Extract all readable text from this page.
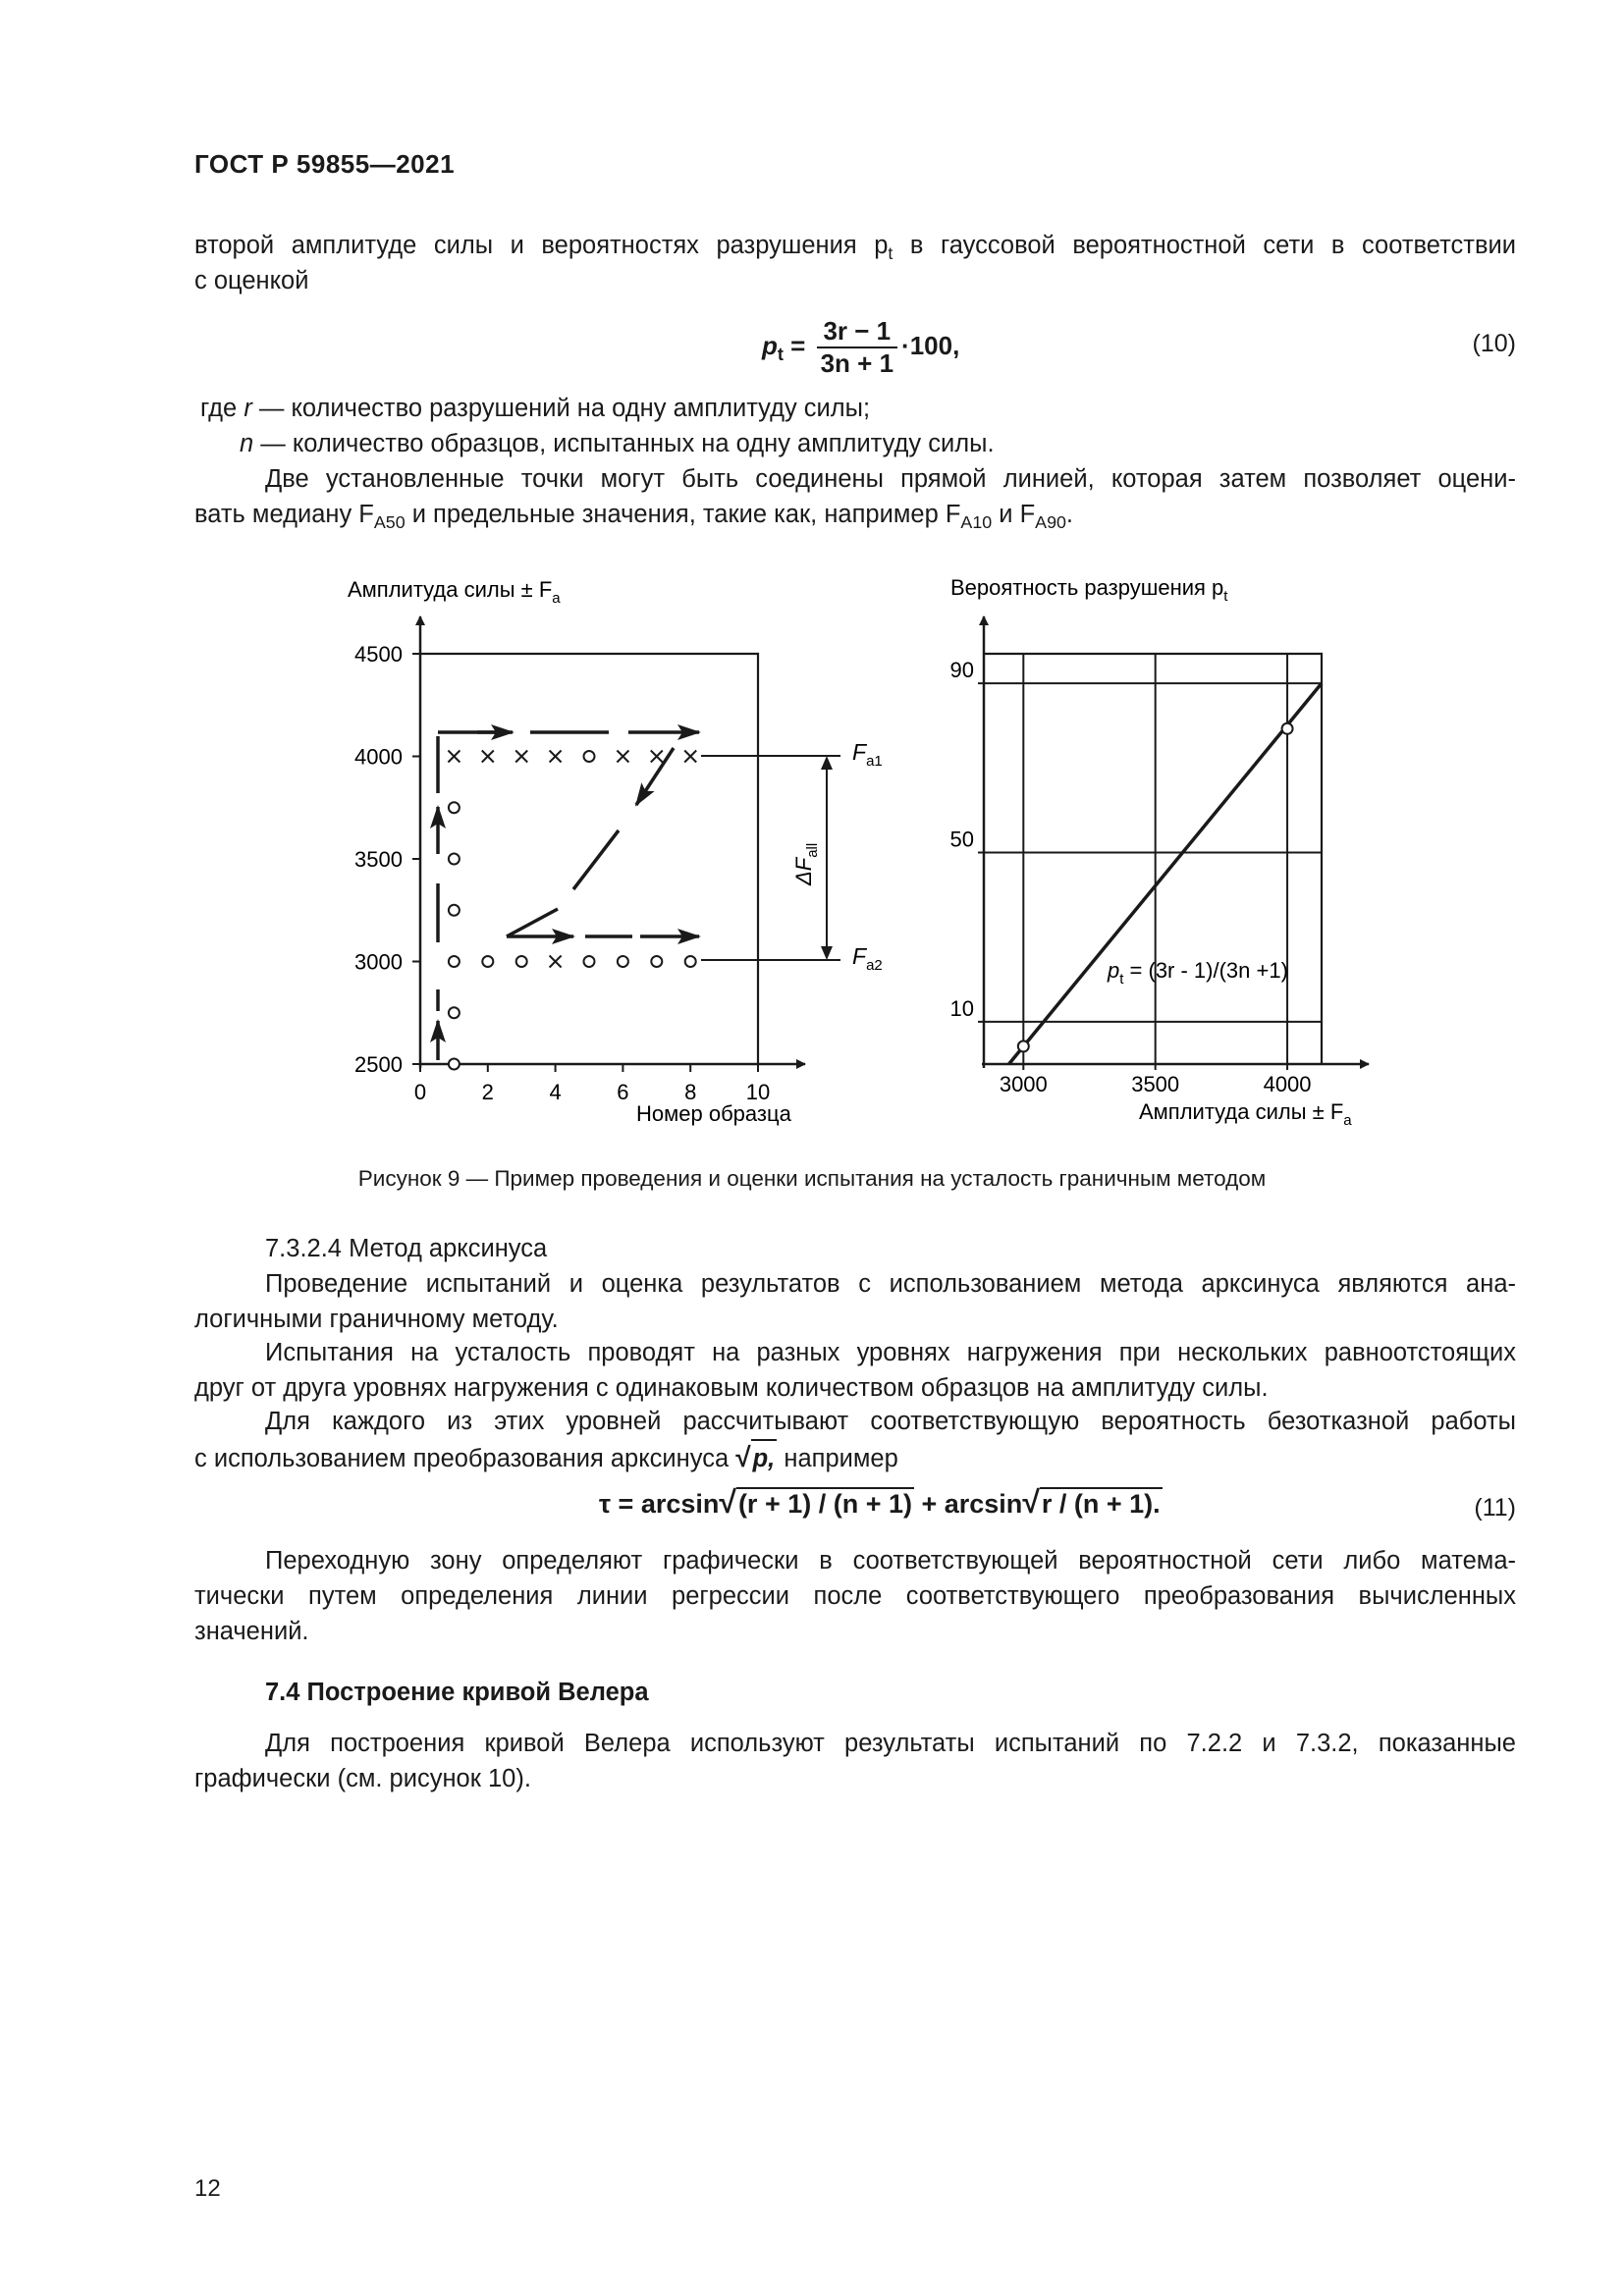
ГОСТ Р 59855—2021
второй амплитуде силы и вероятностях разрушения $p_t$ в гауссовой вероятностной сети в соответствии
с оценкой
$p_t = \frac{3r - 1}{3n + 1} \cdot 100$,	(10)
где r — количество разрушений на одну амплитуду силы;
n — количество образцов, испытанных на одну амплитуду силы.
Две установленные точки могут быть соединены прямой линией, которая затем позволяет оцени-
вать медиану $F_{A50}$ и предельные значения, такие как, например $F_{A10}$ и $F_{A90}$.
Амплитуда силы ± $F_a$
0	2	4	6	8 10
2500
3000
3500
4000
4500
$\Delta F_{all}$
$F_{a1}$
$F_{a2}$
Номер образца
Вероятность разрушения $p_t$
3000	3500	4000
10
50
90
$p_t = (3r - 1)/(3n +1)$
Амплитуда силы ± $F_a$
Рисунок 9 — Пример проведения и оценки испытания на усталость граничным методом
7.3.2.4 Метод арксинуса
Проведение испытаний и оценка результатов с использованием метода арксинуса являются ана-
логичными граничному методу.
Испытания на усталость проводят на разных уровнях нагружения при нескольких равноотстоящих
друг от друга уровнях нагружения с одинаковым количеством образцов на амплитуду силы.
Для каждого из этих уровней рассчитывают соответствующую вероятность безотказной работы
с использованием преобразования арксинуса √p, например
τ = arcsin√(r + 1) / (n + 1) + arcsin√r / (n + 1).	(11)
Переходную зону определяют графически в соответствующей вероятностной сети либо матема-
тически путем определения линии регрессии после соответствующего преобразования вычисленных
значений.
7.4 Построение кривой Велера
Для построения кривой Велера используют результаты испытаний по 7.2.2 и 7.3.2, показанные
графически (см. рисунок 10).
12
